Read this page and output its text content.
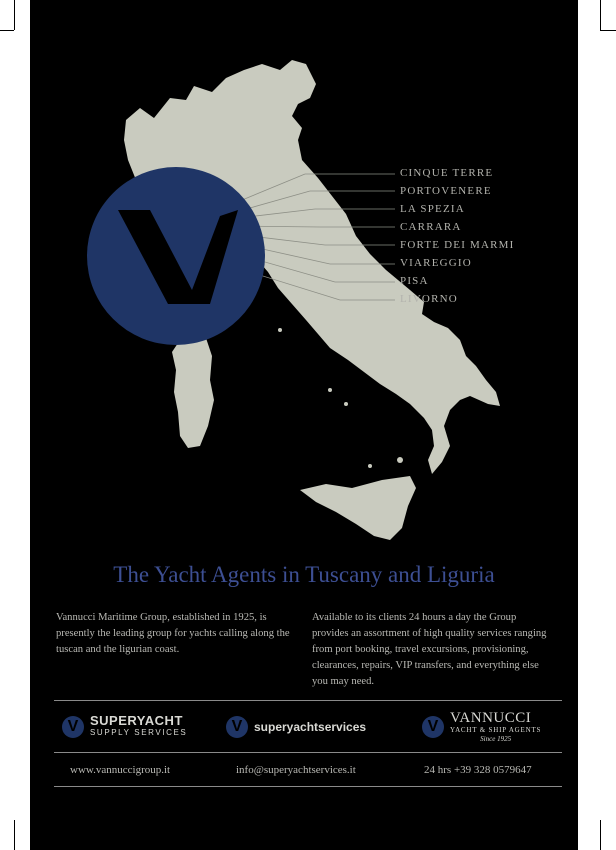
CINQUE TERRE
PORTOVENERE
LA SPEZIA
CARRARA
FORTE DEI MARMI
VIAREGGIO
PISA
LIVORNO
The Yacht Agents in Tuscany and Liguria
Vannucci Maritime Group, established in 1925, is presently the leading group for yachts calling along the tuscan and the ligurian coast.
Available to its clients 24 hours a day the Group provides an assortment of high quality services ranging from port booking, travel excursions, provisioning, clearances, repairs, VIP transfers, and everything else you may need.
V
SUPERYACHT
SUPPLY SERVICES
V	superyachtservices
V
VANNUCCI
YACHT & SHIP AGENTS
Since 1925
www.vannuccigroup.it	info@superyachtservices.it	24 hrs +39 328 0579647
